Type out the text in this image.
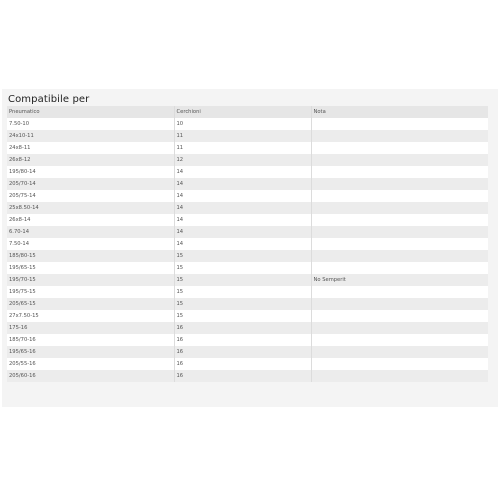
Compatibile per
Pneumatico	Cerchioni	Nota
7.50-10	10	
24x10-11	11	
24x8-11	11	
26x8-12	12	
195/80-14	14	
205/70-14	14	
205/75-14	14	
25x8.50-14	14	
26x8-14	14	
6.70-14	14	
7.50-14	14	
185/80-15	15	
195/65-15	15	
195/70-15	15	No Semperit
195/75-15	15	
205/65-15	15	
27x7.50-15	15	
175-16	16	
185/70-16	16	
195/65-16	16	
205/55-16	16	
205/60-16	16	
